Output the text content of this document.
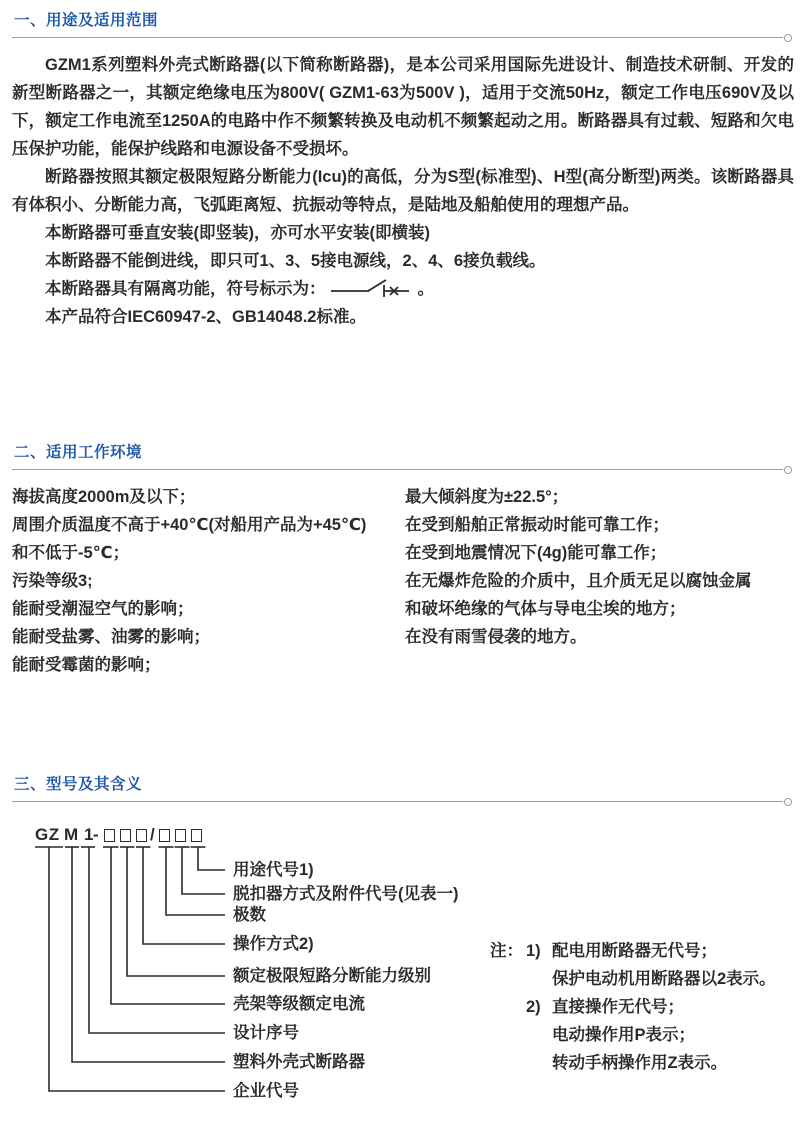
一、用途及适用范围

GZM1系列塑料外壳式断路器(以下简称断路器)，是本公司采用国际先进设计、制造技术研制、开发的新型断路器之一，其额定绝缘电压为800V( GZM1-63为500V )，适用于交流50Hz，额定工作电压690V及以下，额定工作电流至1250A的电路中作不频繁转换及电动机不频繁起动之用。断路器具有过载、短路和欠电压保护功能，能保护线路和电源设备不受损坏。

断路器按照其额定极限短路分断能力(Icu)的高低，分为S型(标准型)、H型(高分断型)两类。该断路器具有体积小、分断能力高，飞弧距离短、抗振动等特点，是陆地及船舶使用的理想产品。

本断路器可垂直安装(即竖装)，亦可水平安装(即横装)

本断路器不能倒进线，即只可1、3、5接电源线，2、4、6接负载线。

本断路器具有隔离功能，符号标示为：	。

本产品符合IEC60947-2、GB14048.2标准。

二、适用工作环境
海拔高度2000m及以下；
周围介质温度不高于+40℃(对船用产品为+45℃)
和不低于-5℃；
污染等级3;
能耐受潮湿空气的影响；
能耐受盐雾、油雾的影响；
能耐受霉菌的影响；
最大倾斜度为±22.5°；
在受到船舶正常振动时能可靠工作；
在受到地震情况下(4g)能可靠工作；
在无爆炸危险的介质中，且介质无足以腐蚀金属
和破坏绝缘的气体与导电尘埃的地方；
在没有雨雪侵袭的地方。
三、型号及其含义
GZ M 1 -	/
用途代号1)
脱扣器方式及附件代号(见表一)
极数
操作方式2)
额定极限短路分断能力级别
壳架等级额定电流
设计序号
塑料外壳式断路器
企业代号
注： 1) 配电用断路器无代号；
保护电动机用断路器以2表示。
2) 直接操作无代号；
电动操作用P表示；
转动手柄操作用Z表示。
